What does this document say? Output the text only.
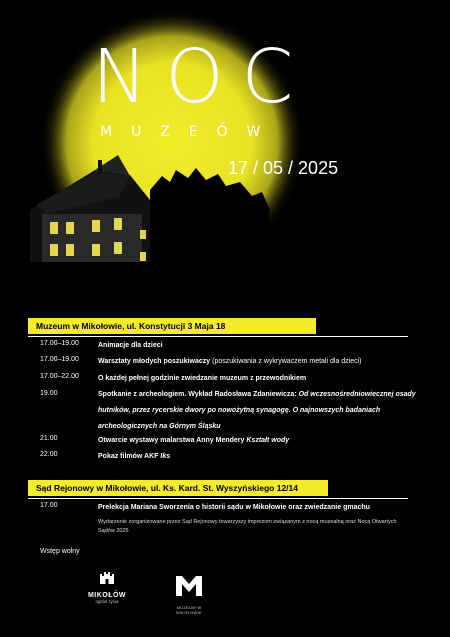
NOC
MUZEÓW
17 / 05 / 2025
Muzeum w Mikołowie, ul. Konstytucji 3 Maja 18
17.00–19.00	Animacje dla dzieci
17.00–19.00	Warsztaty młodych poszukiwaczy (poszukiwania z wykrywaczem metali dla dzieci)
17.00–22.00	O każdej pełnej godzinie zwiedzanie muzeum z przewodnikiem
19.00	Spotkanie z archeologiem. Wykład Radosława Zdaniewicza: Od wczesnośredniowiecznej osady hutników, przez rycerskie dwory po nowożytną synagogę. O najnowszych badaniach archeologicznych na Górnym Śląsku
21.00	Otwarcie wystawy malarstwa Anny Mendery Kształt wody
22.00	Pokaz filmów AKF Iks
Sąd Rejonowy w Mikołowie, ul. Ks. Kard. St. Wyszyńskiego 12/14
17.00	Prelekcja Mariana Sworzenia o historii sądu w Mikołowie oraz zwiedzanie gmachu
Wydarzenie zorganizowane przez Sąd Rejonowy towarzyszy imprezom związanym z nocą muzealną oraz Nocą Otwartych Sądów 2025
Wstęp wolny
MIKOŁÓW
ogród życia
MUZEUM W MIKOŁOWIE
